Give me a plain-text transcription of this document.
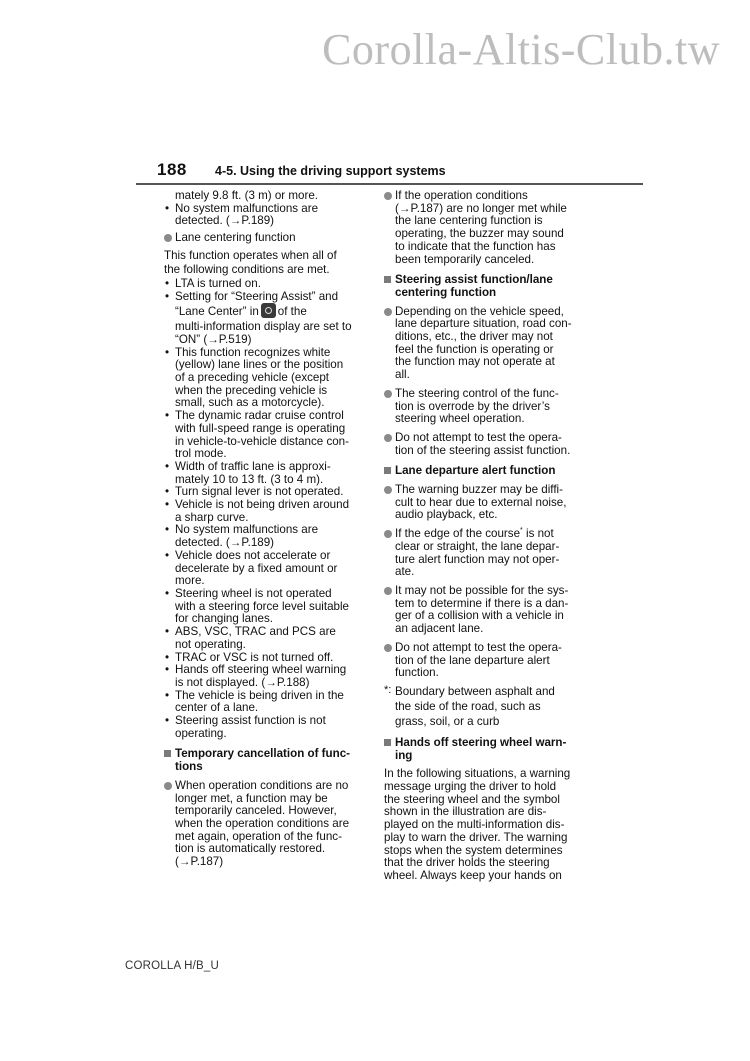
Corolla-Altis-Club.tw
188 4-5. Using the driving support systems

mately 9.8 ft. (3 m) or more.

• No system malfunctions are
detected. (→P.189)

Lane centering function

This function operates when all of
the following conditions are met.

• LTA is turned on.

• Setting for “Steering Assist” and
“Lane Center” in of the
multi-information display are set to
“ON” (→P.519)

• This function recognizes white
(yellow) lane lines or the position
of a preceding vehicle (except
when the preceding vehicle is
small, such as a motorcycle).

• The dynamic radar cruise control
with full-speed range is operating
in vehicle-to-vehicle distance con-
trol mode.

• Width of traffic lane is approxi-
mately 10 to 13 ft. (3 to 4 m).

• Turn signal lever is not operated.

• Vehicle is not being driven around
a sharp curve.

• No system malfunctions are
detected. (→P.189)

• Vehicle does not accelerate or
decelerate by a fixed amount or
more.

• Steering wheel is not operated
with a steering force level suitable
for changing lanes.

• ABS, VSC, TRAC and PCS are
not operating.

• TRAC or VSC is not turned off.

• Hands off steering wheel warning
is not displayed. (→P.188)

• The vehicle is being driven in the
center of a lane.

• Steering assist function is not
operating.

Temporary cancellation of func-
tions

When operation conditions are no
longer met, a function may be
temporarily canceled. However,
when the operation conditions are
met again, operation of the func-
tion is automatically restored.
(→P.187)

If the operation conditions
(→P.187) are no longer met while
the lane centering function is
operating, the buzzer may sound
to indicate that the function has
been temporarily canceled.

Steering assist function/lane
centering function

Depending on the vehicle speed,
lane departure situation, road con-
ditions, etc., the driver may not
feel the function is operating or
the function may not operate at
all.

The steering control of the func-
tion is overrode by the driver’s
steering wheel operation.

Do not attempt to test the opera-
tion of the steering assist function.

Lane departure alert function

The warning buzzer may be diffi-
cult to hear due to external noise,
audio playback, etc.

If the edge of the course* is not
clear or straight, the lane depar-
ture alert function may not oper-
ate.

It may not be possible for the sys-
tem to determine if there is a dan-
ger of a collision with a vehicle in
an adjacent lane.

Do not attempt to test the opera-
tion of the lane departure alert
function.

*: Boundary between asphalt and
the side of the road, such as
grass, soil, or a curb

Hands off steering wheel warn-
ing

In the following situations, a warning
message urging the driver to hold
the steering wheel and the symbol
shown in the illustration are dis-
played on the multi-information dis-
play to warn the driver. The warning
stops when the system determines
that the driver holds the steering
wheel. Always keep your hands on

COROLLA H/B_U
